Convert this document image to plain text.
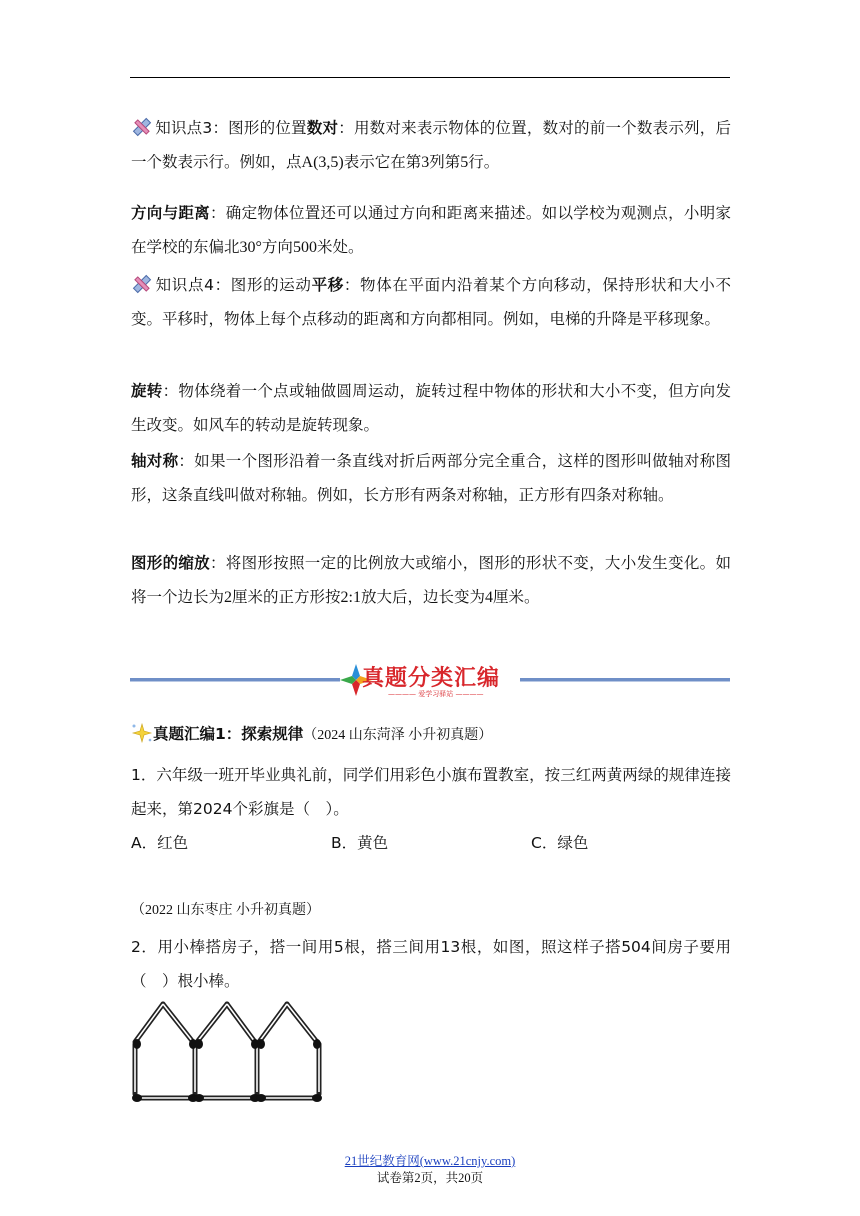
知识点3：图形的位置数对：用数对来表示物体的位置，数对的前一个数表示列，后一个数表示行。例如，点A(3,5)表示它在第3列第5行。

方向与距离：确定物体位置还可以通过方向和距离来描述。如以学校为观测点，小明家在学校的东偏北30°方向500米处。

知识点4：图形的运动平移：物体在平面内沿着某个方向移动，保持形状和大小不变。平移时，物体上每个点移动的距离和方向都相同。例如，电梯的升降是平移现象。

旋转：物体绕着一个点或轴做圆周运动，旋转过程中物体的形状和大小不变，但方向发生改变。如风车的转动是旋转现象。

轴对称：如果一个图形沿着一条直线对折后两部分完全重合，这样的图形叫做轴对称图形，这条直线叫做对称轴。例如，长方形有两条对称轴，正方形有四条对称轴。

图形的缩放：将图形按照一定的比例放大或缩小，图形的形状不变，大小发生变化。如将一个边长为2厘米的正方形按2:1放大后，边长变为4厘米。

真题分类汇编
———— 爱学习驿站 ————
真题汇编1：探索规律（2024 山东菏泽 小升初真题）

1．六年级一班开毕业典礼前，同学们用彩色小旗布置教室，按三红两黄两绿的规律连接起来，第2024个彩旗是（　）。

A．红色	B．黄色	C．绿色
（2022 山东枣庄 小升初真题）

2．用小棒搭房子，搭一间用5根，搭三间用13根，如图，照这样子搭504间房子要用（　）根小棒。

21世纪教育网(www.21cnjy.com)
试卷第2页，共20页
